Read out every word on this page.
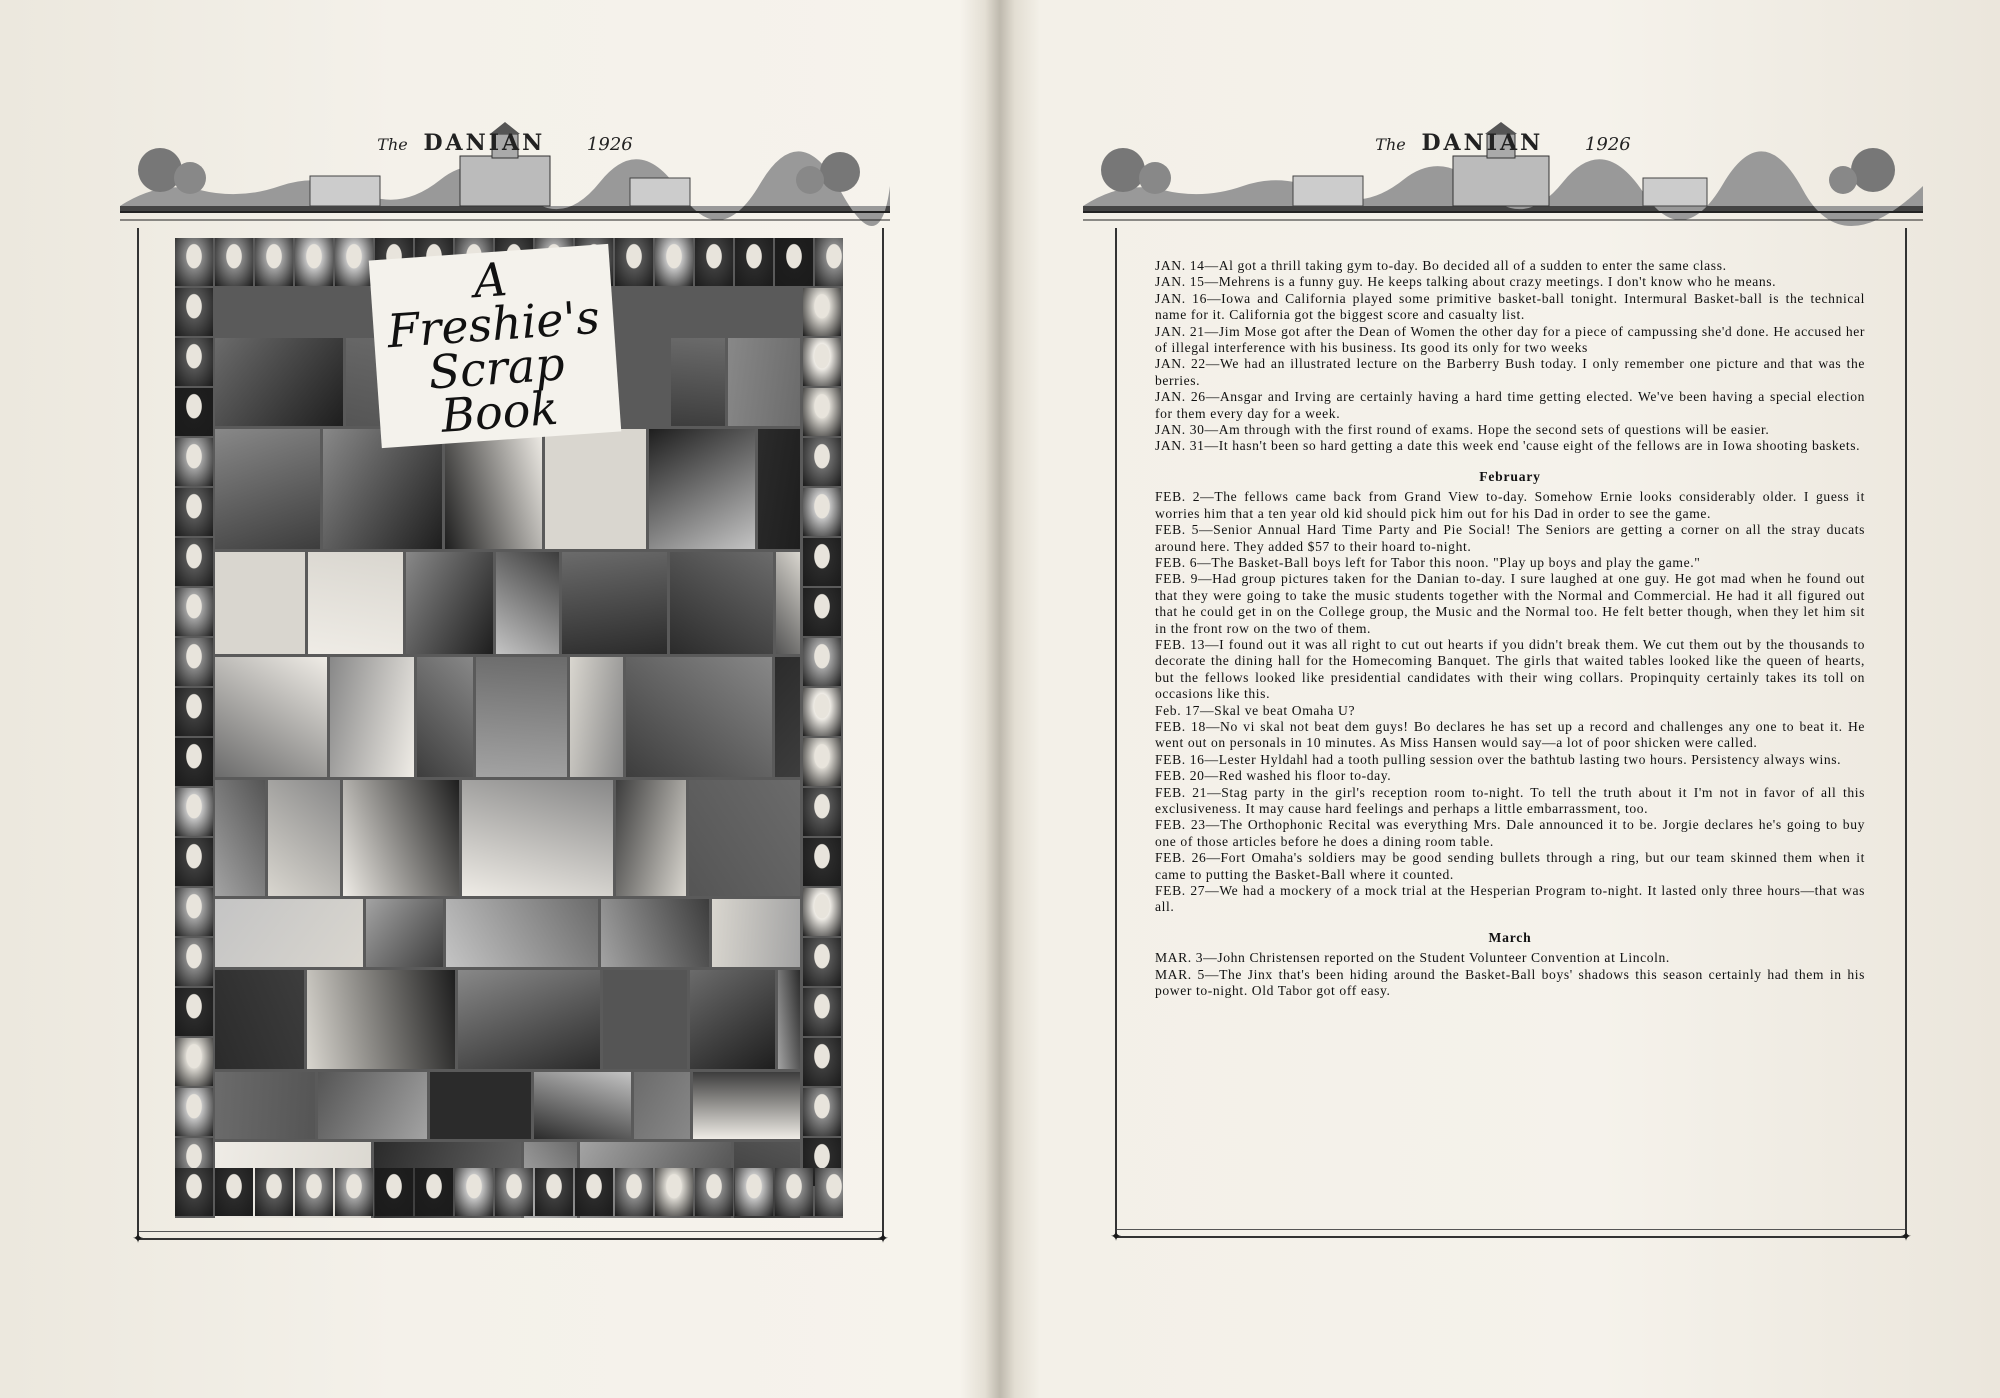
The DANIAN 1926
✦	✦
A Freshie's Scrap Book
The DANIAN 1926
✦	✦

JAN. 14—Al got a thrill taking gym to-day. Bo decided all of a sudden to enter the same class.

JAN. 15—Mehrens is a funny guy. He keeps talking about crazy meetings. I don't know who he means.

JAN. 16—Iowa and California played some primitive basket-ball tonight. Intermural Basket-ball is the technical name for it. California got the biggest score and casualty list.

JAN. 21—Jim Mose got after the Dean of Women the other day for a piece of campussing she'd done. He accused her of illegal interference with his business. Its good its only for two weeks

JAN. 22—We had an illustrated lecture on the Barberry Bush today. I only remember one picture and that was the berries.

JAN. 26—Ansgar and Irving are certainly having a hard time getting elected. We've been having a special election for them every day for a week.

JAN. 30—Am through with the first round of exams. Hope the second sets of questions will be easier.

JAN. 31—It hasn't been so hard getting a date this week end 'cause eight of the fellows are in Iowa shooting baskets.

February

FEB. 2—The fellows came back from Grand View to-day. Somehow Ernie looks considerably older. I guess it worries him that a ten year old kid should pick him out for his Dad in order to see the game.

FEB. 5—Senior Annual Hard Time Party and Pie Social! The Seniors are getting a corner on all the stray ducats around here. They added $57 to their hoard to-night.

FEB. 6—The Basket-Ball boys left for Tabor this noon. "Play up boys and play the game."

FEB. 9—Had group pictures taken for the Danian to-day. I sure laughed at one guy. He got mad when he found out that they were going to take the music students together with the Normal and Commercial. He had it all figured out that he could get in on the College group, the Music and the Normal too. He felt better though, when they let him sit in the front row on the two of them.

FEB. 13—I found out it was all right to cut out hearts if you didn't break them. We cut them out by the thousands to decorate the dining hall for the Homecoming Banquet. The girls that waited tables looked like the queen of hearts, but the fellows looked like presidential candidates with their wing collars. Propinquity certainly takes its toll on occasions like this.

Feb. 17—Skal ve beat Omaha U?

FEB. 18—No vi skal not beat dem guys! Bo declares he has set up a record and challenges any one to beat it. He went out on personals in 10 minutes. As Miss Hansen would say—a lot of poor shicken were called.

FEB. 16—Lester Hyldahl had a tooth pulling session over the bathtub lasting two hours. Persistency always wins.

FEB. 20—Red washed his floor to-day.

FEB. 21—Stag party in the girl's reception room to-night. To tell the truth about it I'm not in favor of all this exclusiveness. It may cause hard feelings and perhaps a little embarrassment, too.

FEB. 23—The Orthophonic Recital was everything Mrs. Dale announced it to be. Jorgie declares he's going to buy one of those articles before he does a dining room table.

FEB. 26—Fort Omaha's soldiers may be good sending bullets through a ring, but our team skinned them when it came to putting the Basket-Ball where it counted.

FEB. 27—We had a mockery of a mock trial at the Hesperian Program to-night. It lasted only three hours—that was all.

March

MAR. 3—John Christensen reported on the Student Volunteer Convention at Lincoln.

MAR. 5—The Jinx that's been hiding around the Basket-Ball boys' shadows this season certainly had them in his power to-night. Old Tabor got off easy.
